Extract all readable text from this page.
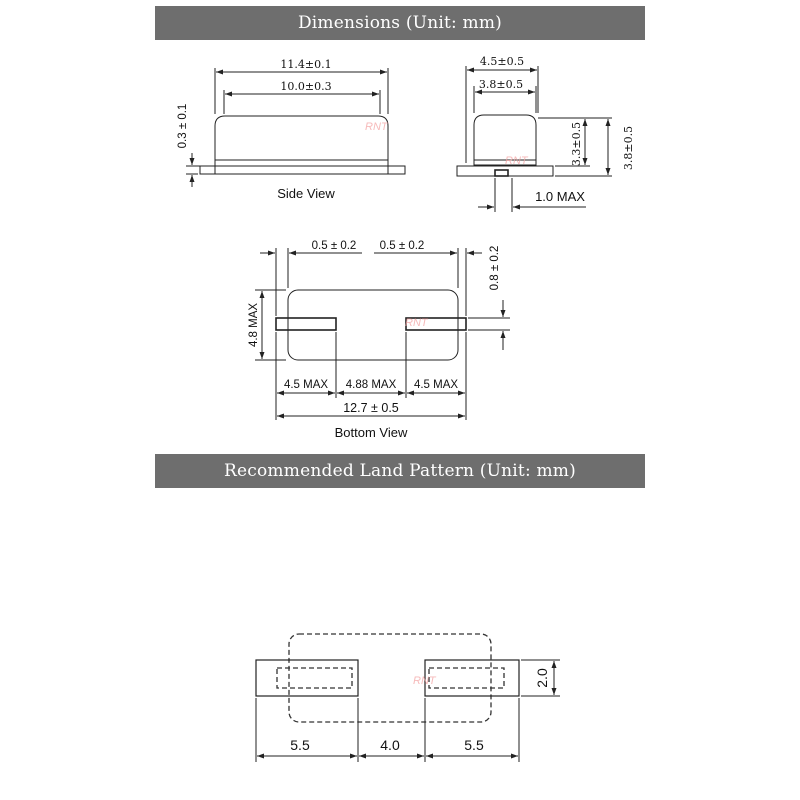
Dimensions (Unit: mm)
Recommended Land Pattern (Unit: mm)
11.4±0.1
10.0±0.3
0.3 ± 0.1
Side View
RNT
4.5±0.5
3.8±0.5
3.3±0.5	3.8±0.5
1.0 MAX
RNT
0.5 ± 0.2 0.5 ± 0.2	0.8 ± 0.2
4.8 MAX
4.5 MAX 4.88 MAX 4.5 MAX
12.7 ± 0.5
Bottom View
RNT
2.0
5.5	4.0	5.5
RNT
